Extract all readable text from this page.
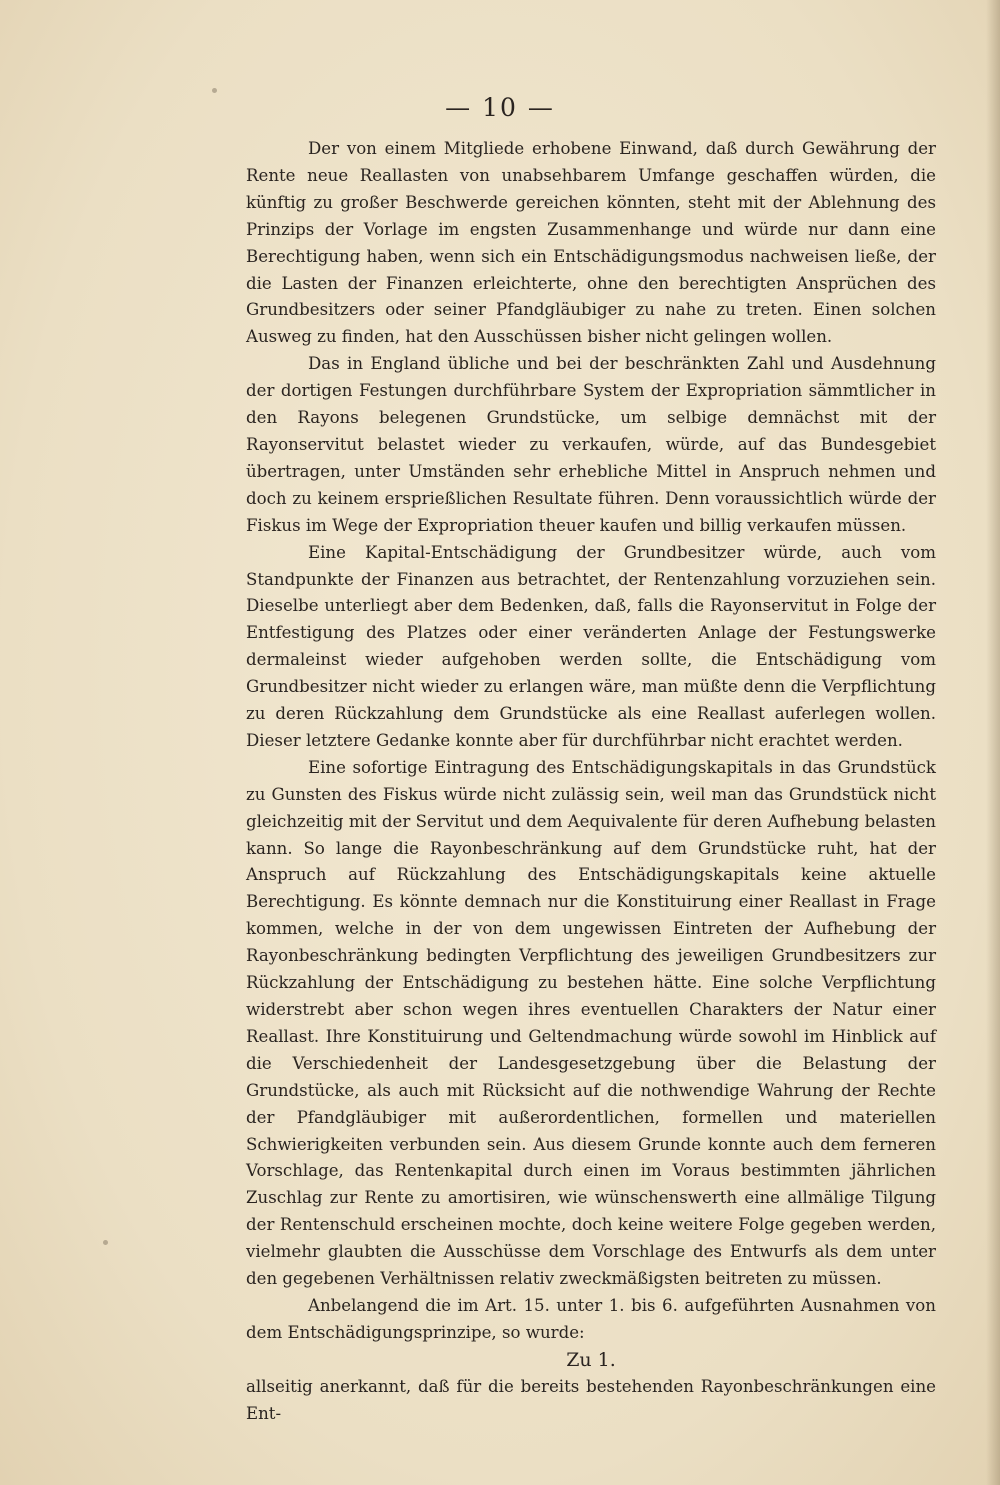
— 10 —

Der von einem Mitgliede erhobene Einwand, daß durch Gewährung der Rente neue Reallasten von unabsehbarem Umfange geschaffen würden, die künftig zu großer Beschwerde gereichen könnten, steht mit der Ablehnung des Prinzips der Vorlage im engsten Zusammenhange und würde nur dann eine Berechtigung haben, wenn sich ein Entschädigungsmodus nachweisen ließe, der die Lasten der Finanzen erleichterte, ohne den berechtigten Ansprüchen des Grundbesitzers oder seiner Pfandgläubiger zu nahe zu treten. Einen solchen Ausweg zu finden, hat den Ausschüssen bisher nicht gelingen wollen.

Das in England übliche und bei der beschränkten Zahl und Ausdehnung der dortigen Festungen durchführbare System der Expropriation sämmtlicher in den Rayons belegenen Grundstücke, um selbige demnächst mit der Rayonservitut belastet wieder zu verkaufen, würde, auf das Bundesgebiet übertragen, unter Umständen sehr erhebliche Mittel in Anspruch nehmen und doch zu keinem ersprießlichen Resultate führen. Denn voraussichtlich würde der Fiskus im Wege der Expropriation theuer kaufen und billig verkaufen müssen.

Eine Kapital-Entschädigung der Grundbesitzer würde, auch vom Standpunkte der Finanzen aus betrachtet, der Rentenzahlung vorzuziehen sein. Dieselbe unterliegt aber dem Bedenken, daß, falls die Rayonservitut in Folge der Entfestigung des Platzes oder einer veränderten Anlage der Festungswerke dermaleinst wieder aufgehoben werden sollte, die Entschädigung vom Grundbesitzer nicht wieder zu erlangen wäre, man müßte denn die Verpflichtung zu deren Rückzahlung dem Grundstücke als eine Reallast auferlegen wollen. Dieser letztere Gedanke konnte aber für durchführbar nicht erachtet werden.

Eine sofortige Eintragung des Entschädigungskapitals in das Grundstück zu Gunsten des Fiskus würde nicht zulässig sein, weil man das Grundstück nicht gleichzeitig mit der Servitut und dem Aequivalente für deren Aufhebung belasten kann. So lange die Rayonbeschränkung auf dem Grundstücke ruht, hat der Anspruch auf Rückzahlung des Entschädigungskapitals keine aktuelle Berechtigung. Es könnte demnach nur die Konstituirung einer Reallast in Frage kommen, welche in der von dem ungewissen Eintreten der Aufhebung der Rayonbeschränkung bedingten Verpflichtung des jeweiligen Grundbesitzers zur Rückzahlung der Entschädigung zu bestehen hätte. Eine solche Verpflichtung widerstrebt aber schon wegen ihres eventuellen Charakters der Natur einer Reallast. Ihre Konstituirung und Geltendmachung würde sowohl im Hinblick auf die Verschiedenheit der Landesgesetzgebung über die Belastung der Grundstücke, als auch mit Rücksicht auf die nothwendige Wahrung der Rechte der Pfandgläubiger mit außerordentlichen, formellen und materiellen Schwierigkeiten verbunden sein. Aus diesem Grunde konnte auch dem ferneren Vorschlage, das Rentenkapital durch einen im Voraus bestimmten jährlichen Zuschlag zur Rente zu amortisiren, wie wünschenswerth eine allmälige Tilgung der Rentenschuld erscheinen mochte, doch keine weitere Folge gegeben werden, vielmehr glaubten die Ausschüsse dem Vorschlage des Entwurfs als dem unter den gegebenen Verhältnissen relativ zweckmäßigsten beitreten zu müssen.

Anbelangend die im Art. 15. unter 1. bis 6. aufgeführten Ausnahmen von dem Entschädigungsprinzipe, so wurde:

Zu 1.

allseitig anerkannt, daß für die bereits bestehenden Rayonbeschränkungen eine Ent-
